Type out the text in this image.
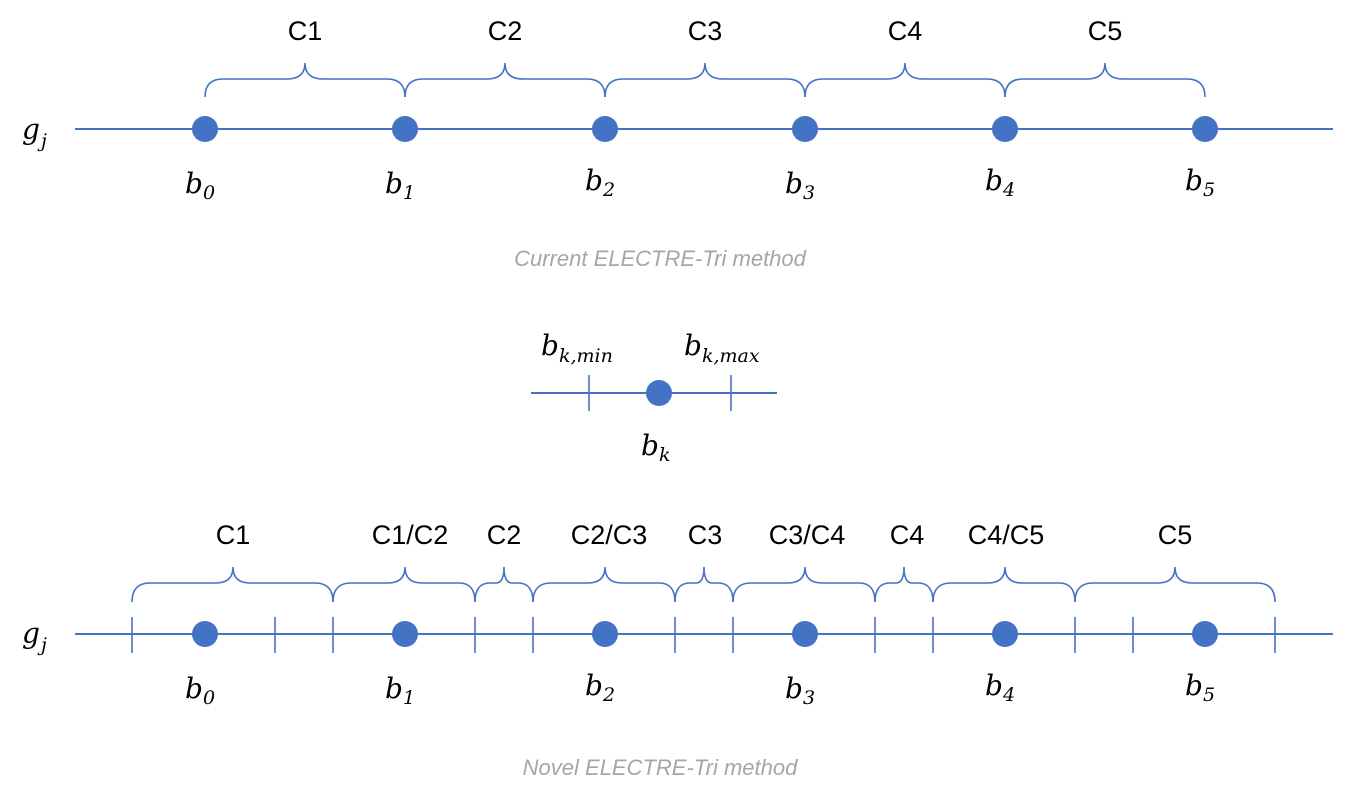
$g_j$
C1	C2	C3	C4	C5
$b_0$	$b_1$	$b_2$	$b_3$	$b_4$	$b_5$
Current ELECTRE-Tri method
$b_{k,min}$	$b_{k,max}$
$b_k$
$g_j$
C1	C1/C2 C2 C2/C3 C3 C3/C4 C4 C4/C5	C5
$b_0$	$b_1$	$b_2$	$b_3$	$b_4$	$b_5$
Novel ELECTRE-Tri method
